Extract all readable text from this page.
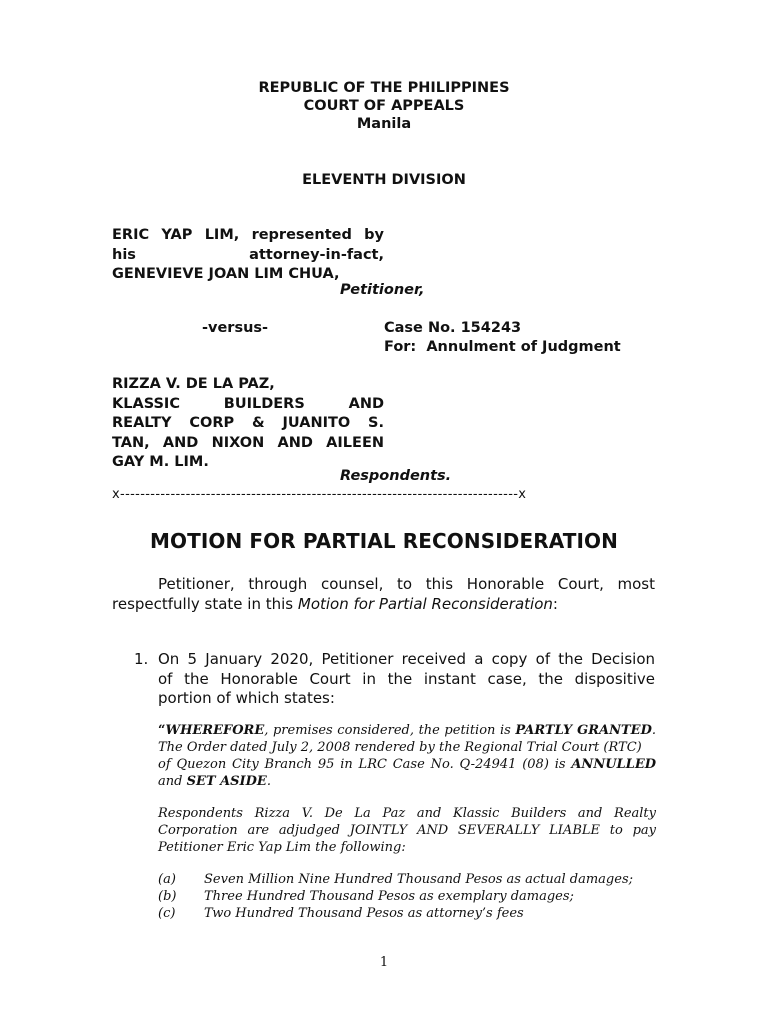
REPUBLIC OF THE PHILIPPINES
COURT OF APPEALS
Manila
ELEVENTH DIVISION
ERIC YAP LIM, represented by
his	attorney-in-fact,
GENEVIEVE JOAN LIM CHUA,
Petitioner,
-versus-	Case No. 154243
For:  Annulment of Judgment
RIZZA V. DE LA PAZ,
KLASSIC BUILDERS AND
REALTY CORP & JUANITO S.
TAN, AND NIXON AND AILEEN
GAY M. LIM.
Respondents.
x-------------------------------------------------------------------------------x
MOTION FOR PARTIAL RECONSIDERATION
Petitioner, through counsel, to this Honorable Court, most
respectfully state in this Motion for Partial Reconsideration:
1. On 5 January 2020, Petitioner received a copy of the Decision
of the Honorable Court in the instant case, the dispositive
portion of which states:
“WHEREFORE, premises considered, the petition is PARTLY GRANTED.
The Order dated July 2, 2008 rendered by the Regional Trial Court (RTC)
of Quezon City Branch 95 in LRC Case No. Q-24941 (08) is ANNULLED
and SET ASIDE.
Respondents Rizza V. De La Paz and Klassic Builders and Realty
Corporation are adjudged JOINTLY AND SEVERALLY LIABLE to pay
Petitioner Eric Yap Lim the following:
(a) Seven Million Nine Hundred Thousand Pesos as actual damages;
(b) Three Hundred Thousand Pesos as exemplary damages;
(c) Two Hundred Thousand Pesos as attorney’s fees
1
